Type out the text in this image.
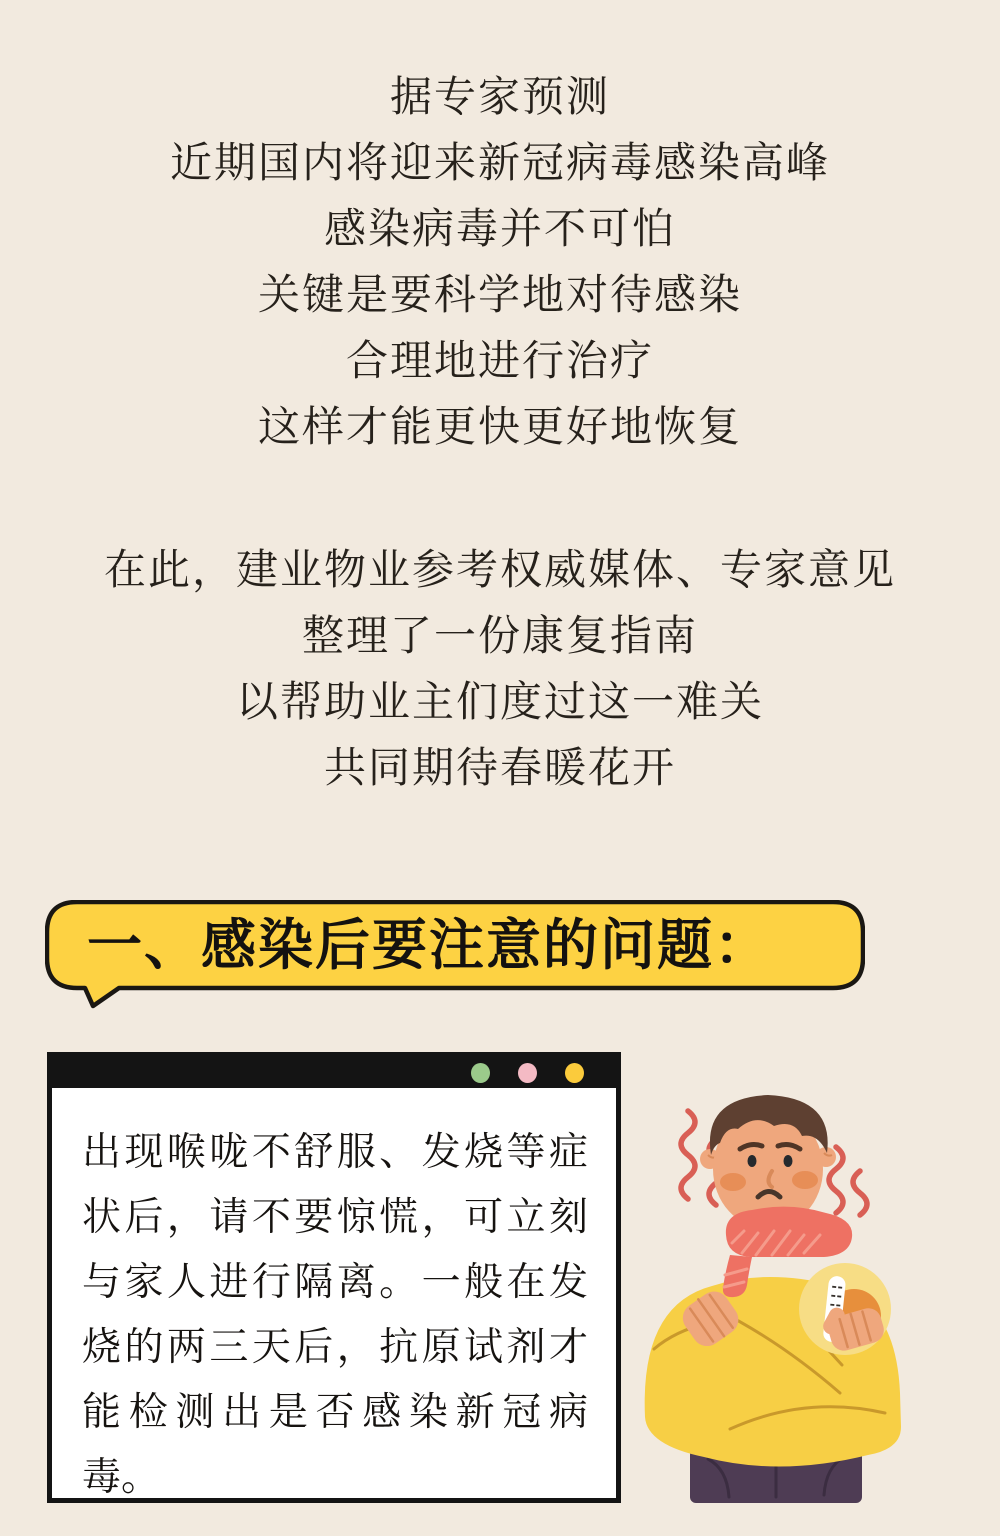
据专家预测

近期国内将迎来新冠病毒感染高峰

感染病毒并不可怕

关键是要科学地对待感染

合理地进行治疗

这样才能更快更好地恢复

在此，建业物业参考权威媒体、专家意见

整理了一份康复指南

以帮助业主们度过这一难关

共同期待春暖花开

一、感染后要注意的问题：

出现喉咙不舒服、发烧等症

状后，请不要惊慌，可立刻

与家人进行隔离。一般在发

烧的两三天后，抗原试剂才

能检测出是否感染新冠病

毒。
